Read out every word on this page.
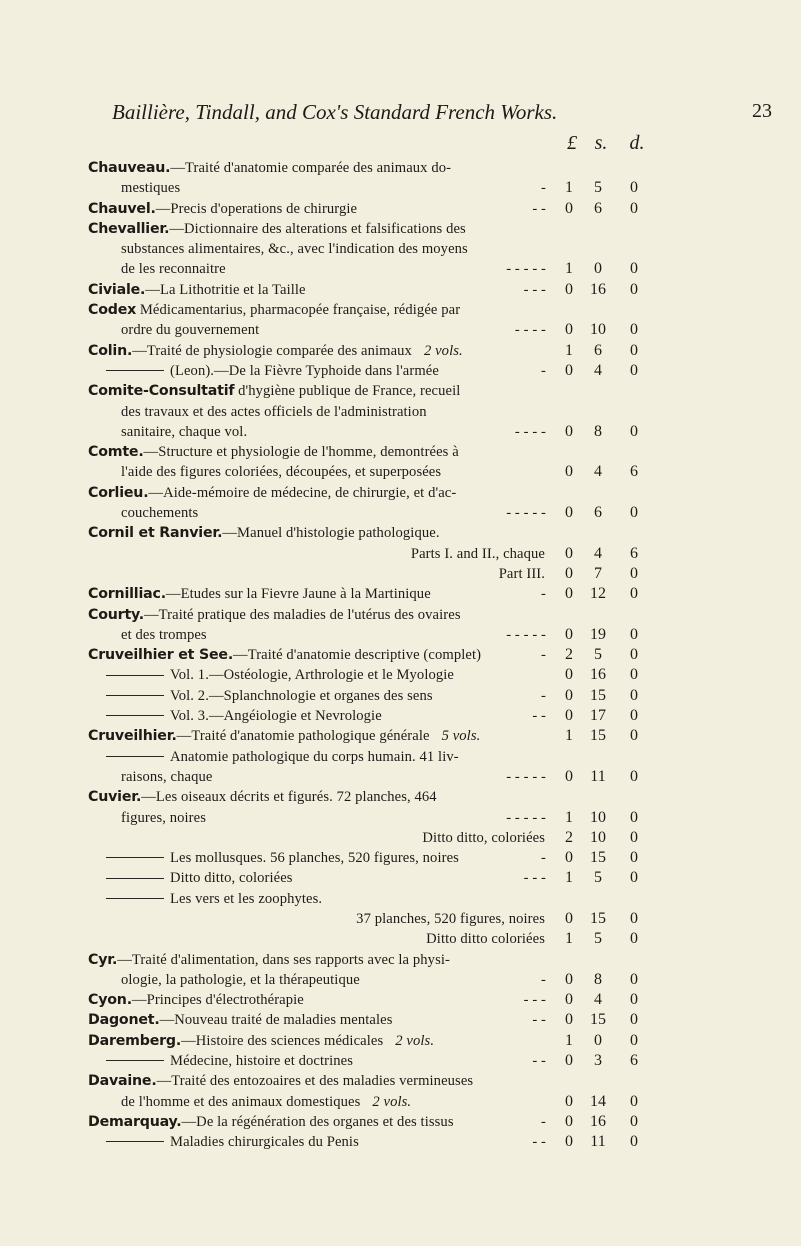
Baillière, Tindall, and Cox's Standard French Works.	23
£ s.	d.
Chauveau.—Traité d'anatomie comparée des animaux do-
mestiques	-	1	5	0
Chauvel.—Precis d'operations de chirurgie	- -	0	6	0
Chevallier.—Dictionnaire des alterations et falsifications des
substances alimentaires, &c., avec l'indication des moyens
de les reconnaitre	- - - - -	1	0	0
Civiale.—La Lithotritie et la Taille	- - -	0	16	0
Codex Médicamentarius, pharmacopée française, rédigée par
ordre du gouvernement	- - - -	0	10	0
Colin.—Traité de physiologie comparée des animaux 2 vols.	1	6	0
(Leon).—De la Fièvre Typhoide dans l'armée	-	0	4	0
Comite-Consultatif d'hygiène publique de France, recueil
des travaux et des actes officiels de l'administration
sanitaire, chaque vol.	- - - -	0	8	0
Comte.—Structure et physiologie de l'homme, demontrées à
l'aide des figures coloriées, découpées, et superposées	0	4	6
Corlieu.—Aide-mémoire de médecine, de chirurgie, et d'ac-
couchements	- - - - -	0	6	0
Cornil et Ranvier.—Manuel d'histologie pathologique.
Parts I. and II., chaque	0	4	6
Part III.	0	7	0
Cornilliac.—Etudes sur la Fievre Jaune à la Martinique	-	0	12	0
Courty.—Traité pratique des maladies de l'utérus des ovaires
et des trompes	- - - - -	0	19	0
Cruveilhier et See.—Traité d'anatomie descriptive (complet)	-	2	5	0
Vol. 1.—Ostéologie, Arthrologie et le Myologie	0	16	0
Vol. 2.—Splanchnologie et organes des sens	-	0	15	0
Vol. 3.—Angéiologie et Nevrologie	- -	0	17	0
Cruveilhier.—Traité d'anatomie pathologique générale 5 vols.	1	15	0
Anatomie pathologique du corps humain. 41 liv-
raisons, chaque	- - - - -	0	11	0
Cuvier.—Les oiseaux décrits et figurés. 72 planches, 464
figures, noires	- - - - -	1	10	0
Ditto ditto, coloriées	2	10	0
Les mollusques. 56 planches, 520 figures, noires	-	0	15	0
Ditto ditto, coloriées	- - -	1	5	0
Les vers et les zoophytes.
37 planches, 520 figures, noires	0	15	0
Ditto ditto coloriées	1	5	0
Cyr.—Traité d'alimentation, dans ses rapports avec la physi-
ologie, la pathologie, et la thérapeutique	-	0	8	0
Cyon.—Principes d'électrothérapie	- - -	0	4	0
Dagonet.—Nouveau traité de maladies mentales	- -	0	15	0
Daremberg.—Histoire des sciences médicales 2 vols.	1	0	0
Médecine, histoire et doctrines	- -	0	3	6
Davaine.—Traité des entozoaires et des maladies vermineuses
de l'homme et des animaux domestiques 2 vols.	0	14	0
Demarquay.—De la régénération des organes et des tissus	-	0	16	0
Maladies chirurgicales du Penis	- -	0	11	0
